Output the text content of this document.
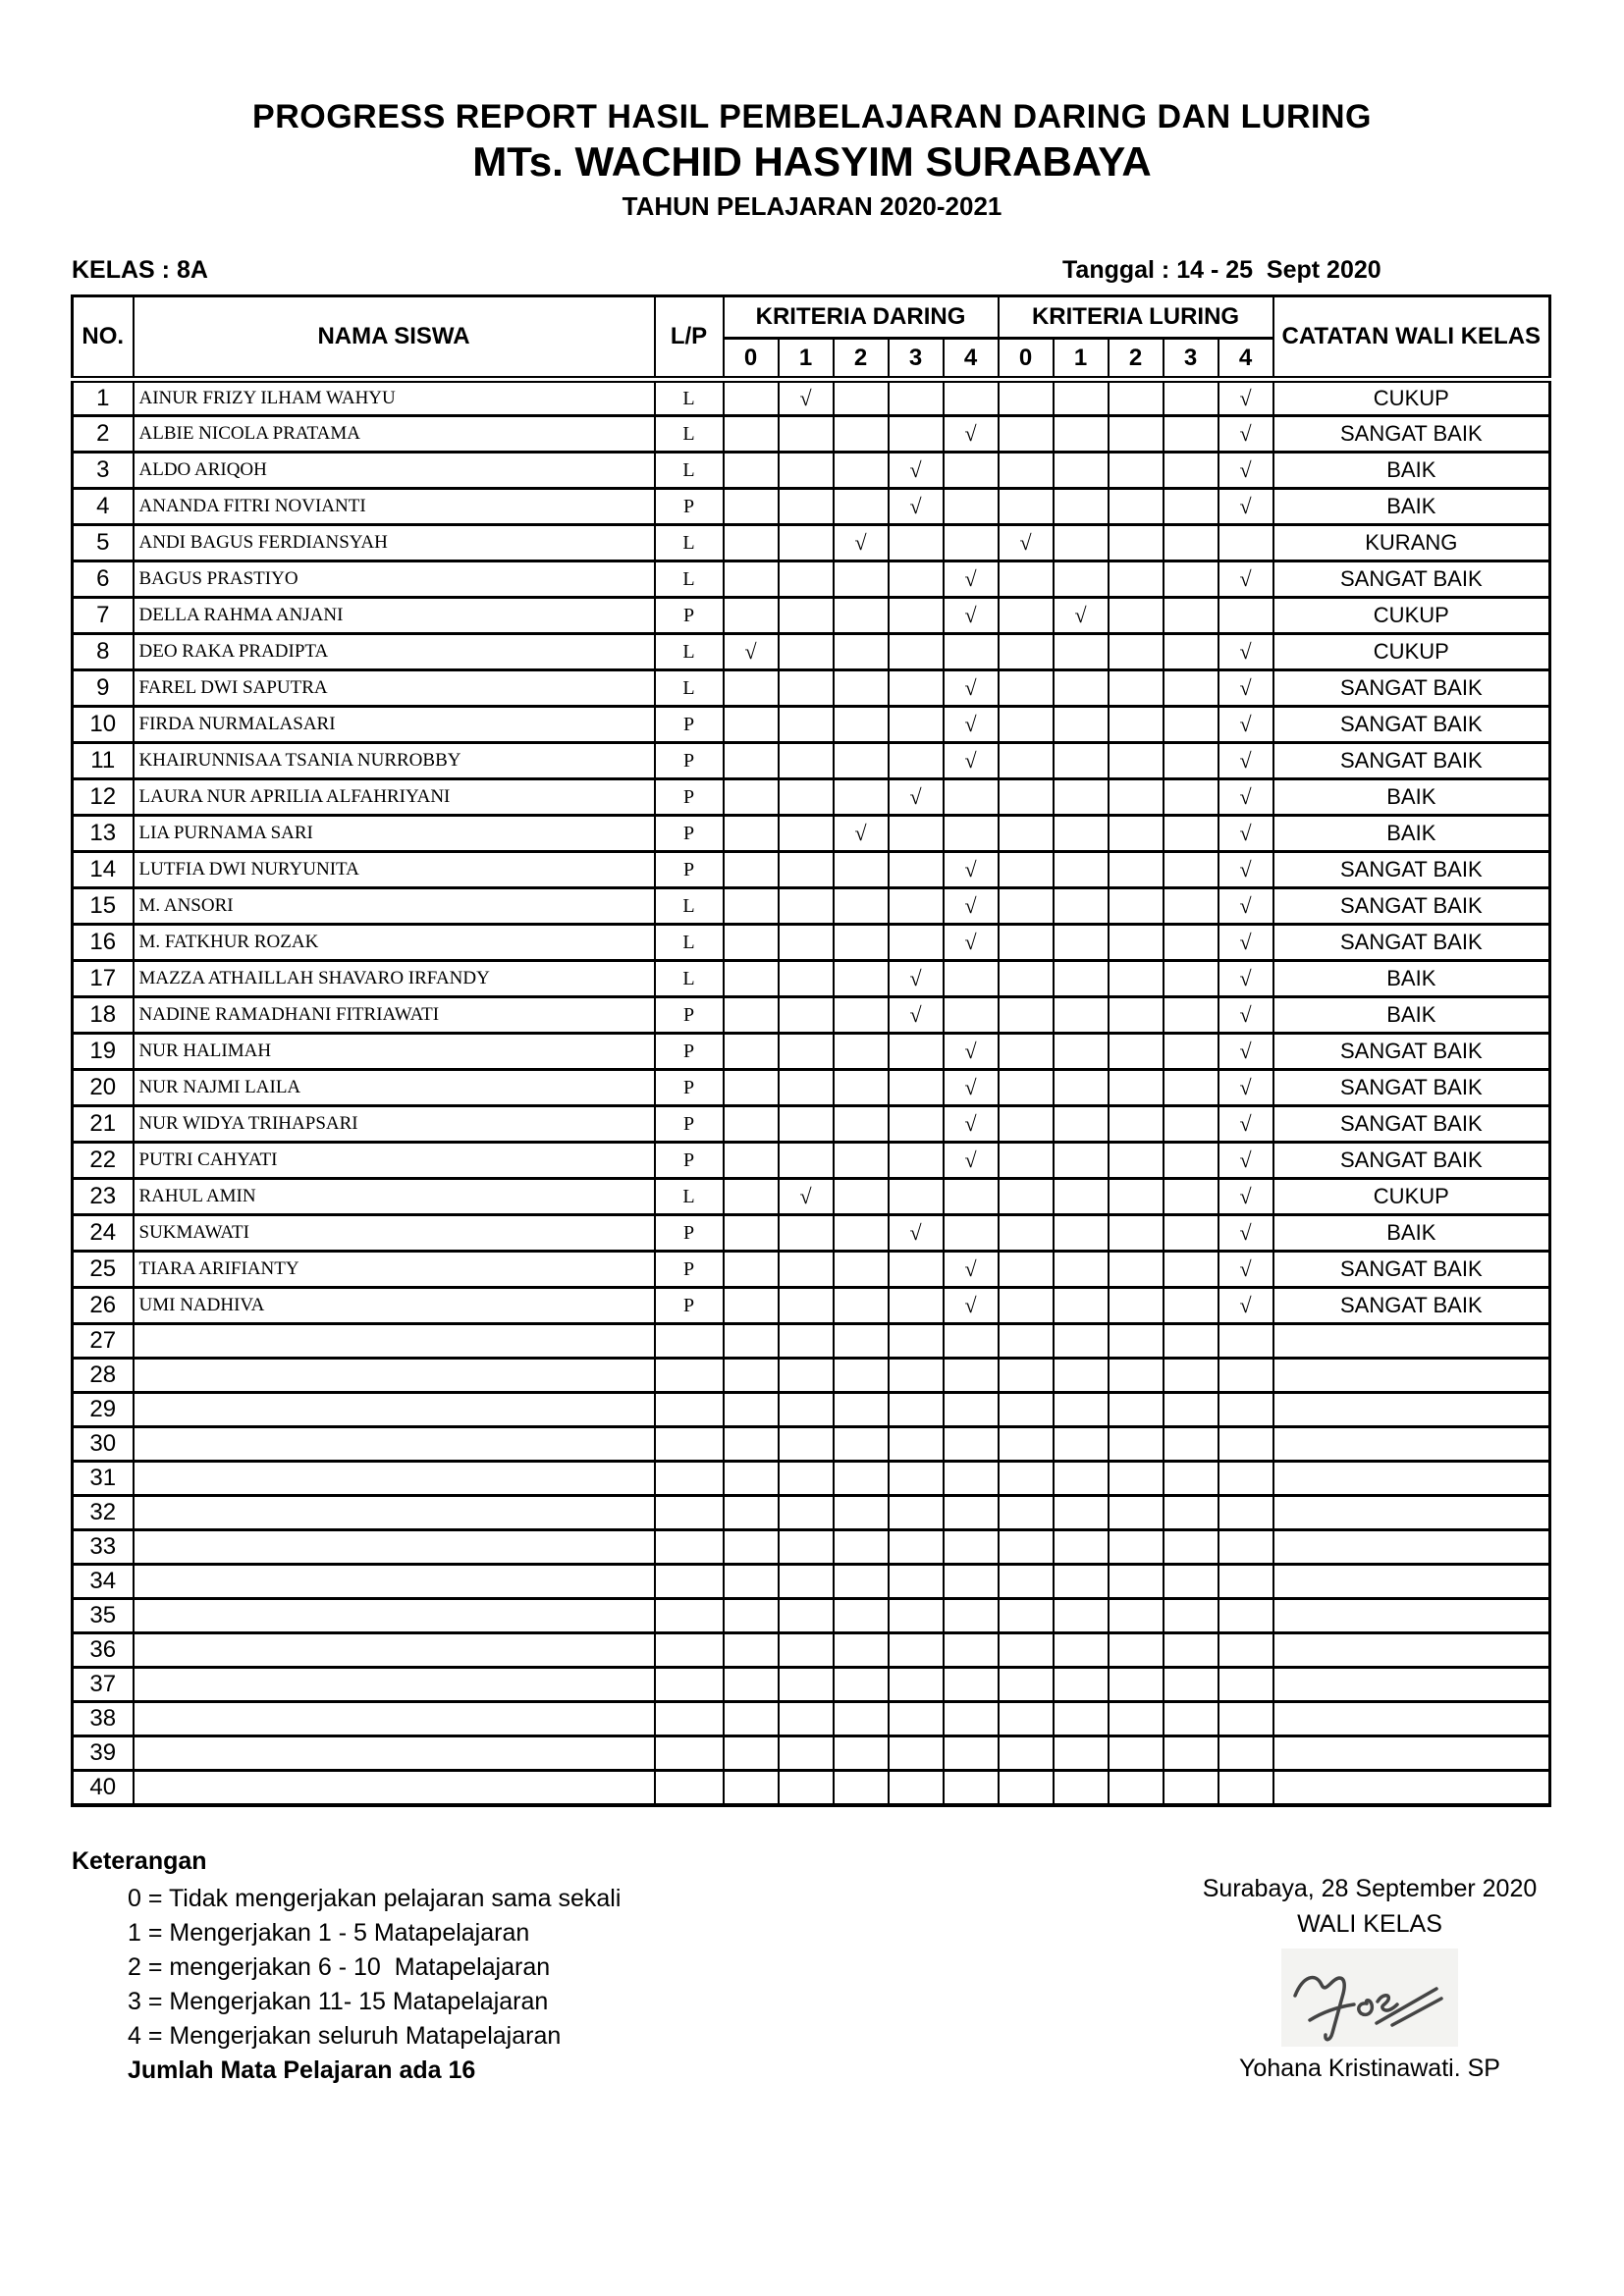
PROGRESS REPORT HASIL PEMBELAJARAN DARING DAN LURING
MTs. WACHID HASYIM SURABAYA
TAHUN PELAJARAN 2020-2021
KELAS : 8A	Tanggal : 14 - 25  Sept 2020
NO.	NAMA SISWA	L/P	KRITERIA DARING					KRITERIA LURING					CATATAN WALI KELAS
			0	1	2	3	4	0	1	2	3	4	
1	AINUR FRIZY ILHAM WAHYU	L		√								√	CUKUP
2	ALBIE NICOLA PRATAMA	L					√					√	SANGAT BAIK
3	ALDO ARIQOH	L				√						√	BAIK
4	ANANDA FITRI NOVIANTI	P				√						√	BAIK
5	ANDI BAGUS FERDIANSYAH	L			√			√					KURANG
6	BAGUS PRASTIYO	L					√					√	SANGAT BAIK
7	DELLA RAHMA ANJANI	P					√		√				CUKUP
8	DEO RAKA PRADIPTA	L	√									√	CUKUP
9	FAREL DWI SAPUTRA	L					√					√	SANGAT BAIK
10	FIRDA NURMALASARI	P					√					√	SANGAT BAIK
11	KHAIRUNNISAA TSANIA NURROBBY	P					√					√	SANGAT BAIK
12	LAURA NUR APRILIA ALFAHRIYANI	P				√						√	BAIK
13	LIA PURNAMA SARI	P			√							√	BAIK
14	LUTFIA DWI NURYUNITA	P					√					√	SANGAT BAIK
15	M. ANSORI	L					√					√	SANGAT BAIK
16	M. FATKHUR ROZAK	L					√					√	SANGAT BAIK
17	MAZZA ATHAILLAH SHAVARO IRFANDY	L				√						√	BAIK
18	NADINE RAMADHANI FITRIAWATI	P				√						√	BAIK
19	NUR HALIMAH	P					√					√	SANGAT BAIK
20	NUR NAJMI LAILA	P					√					√	SANGAT BAIK
21	NUR WIDYA TRIHAPSARI	P					√					√	SANGAT BAIK
22	PUTRI CAHYATI	P					√					√	SANGAT BAIK
23	RAHUL AMIN	L		√								√	CUKUP
24	SUKMAWATI	P				√						√	BAIK
25	TIARA ARIFIANTY	P					√					√	SANGAT BAIK
26	UMI NADHIVA	P					√					√	SANGAT BAIK
27													
28													
29													
30													
31													
32													
33													
34													
35													
36													
37													
38													
39													
40													
Keterangan
0 = Tidak mengerjakan pelajaran sama sekali
1 = Mengerjakan 1 - 5 Matapelajaran
2 = mengerjakan 6 - 10  Matapelajaran
3 = Mengerjakan 11- 15 Matapelajaran
4 = Mengerjakan seluruh Matapelajaran
Jumlah Mata Pelajaran ada 16
Surabaya, 28 September 2020
WALI KELAS
Yohana Kristinawati. SP
